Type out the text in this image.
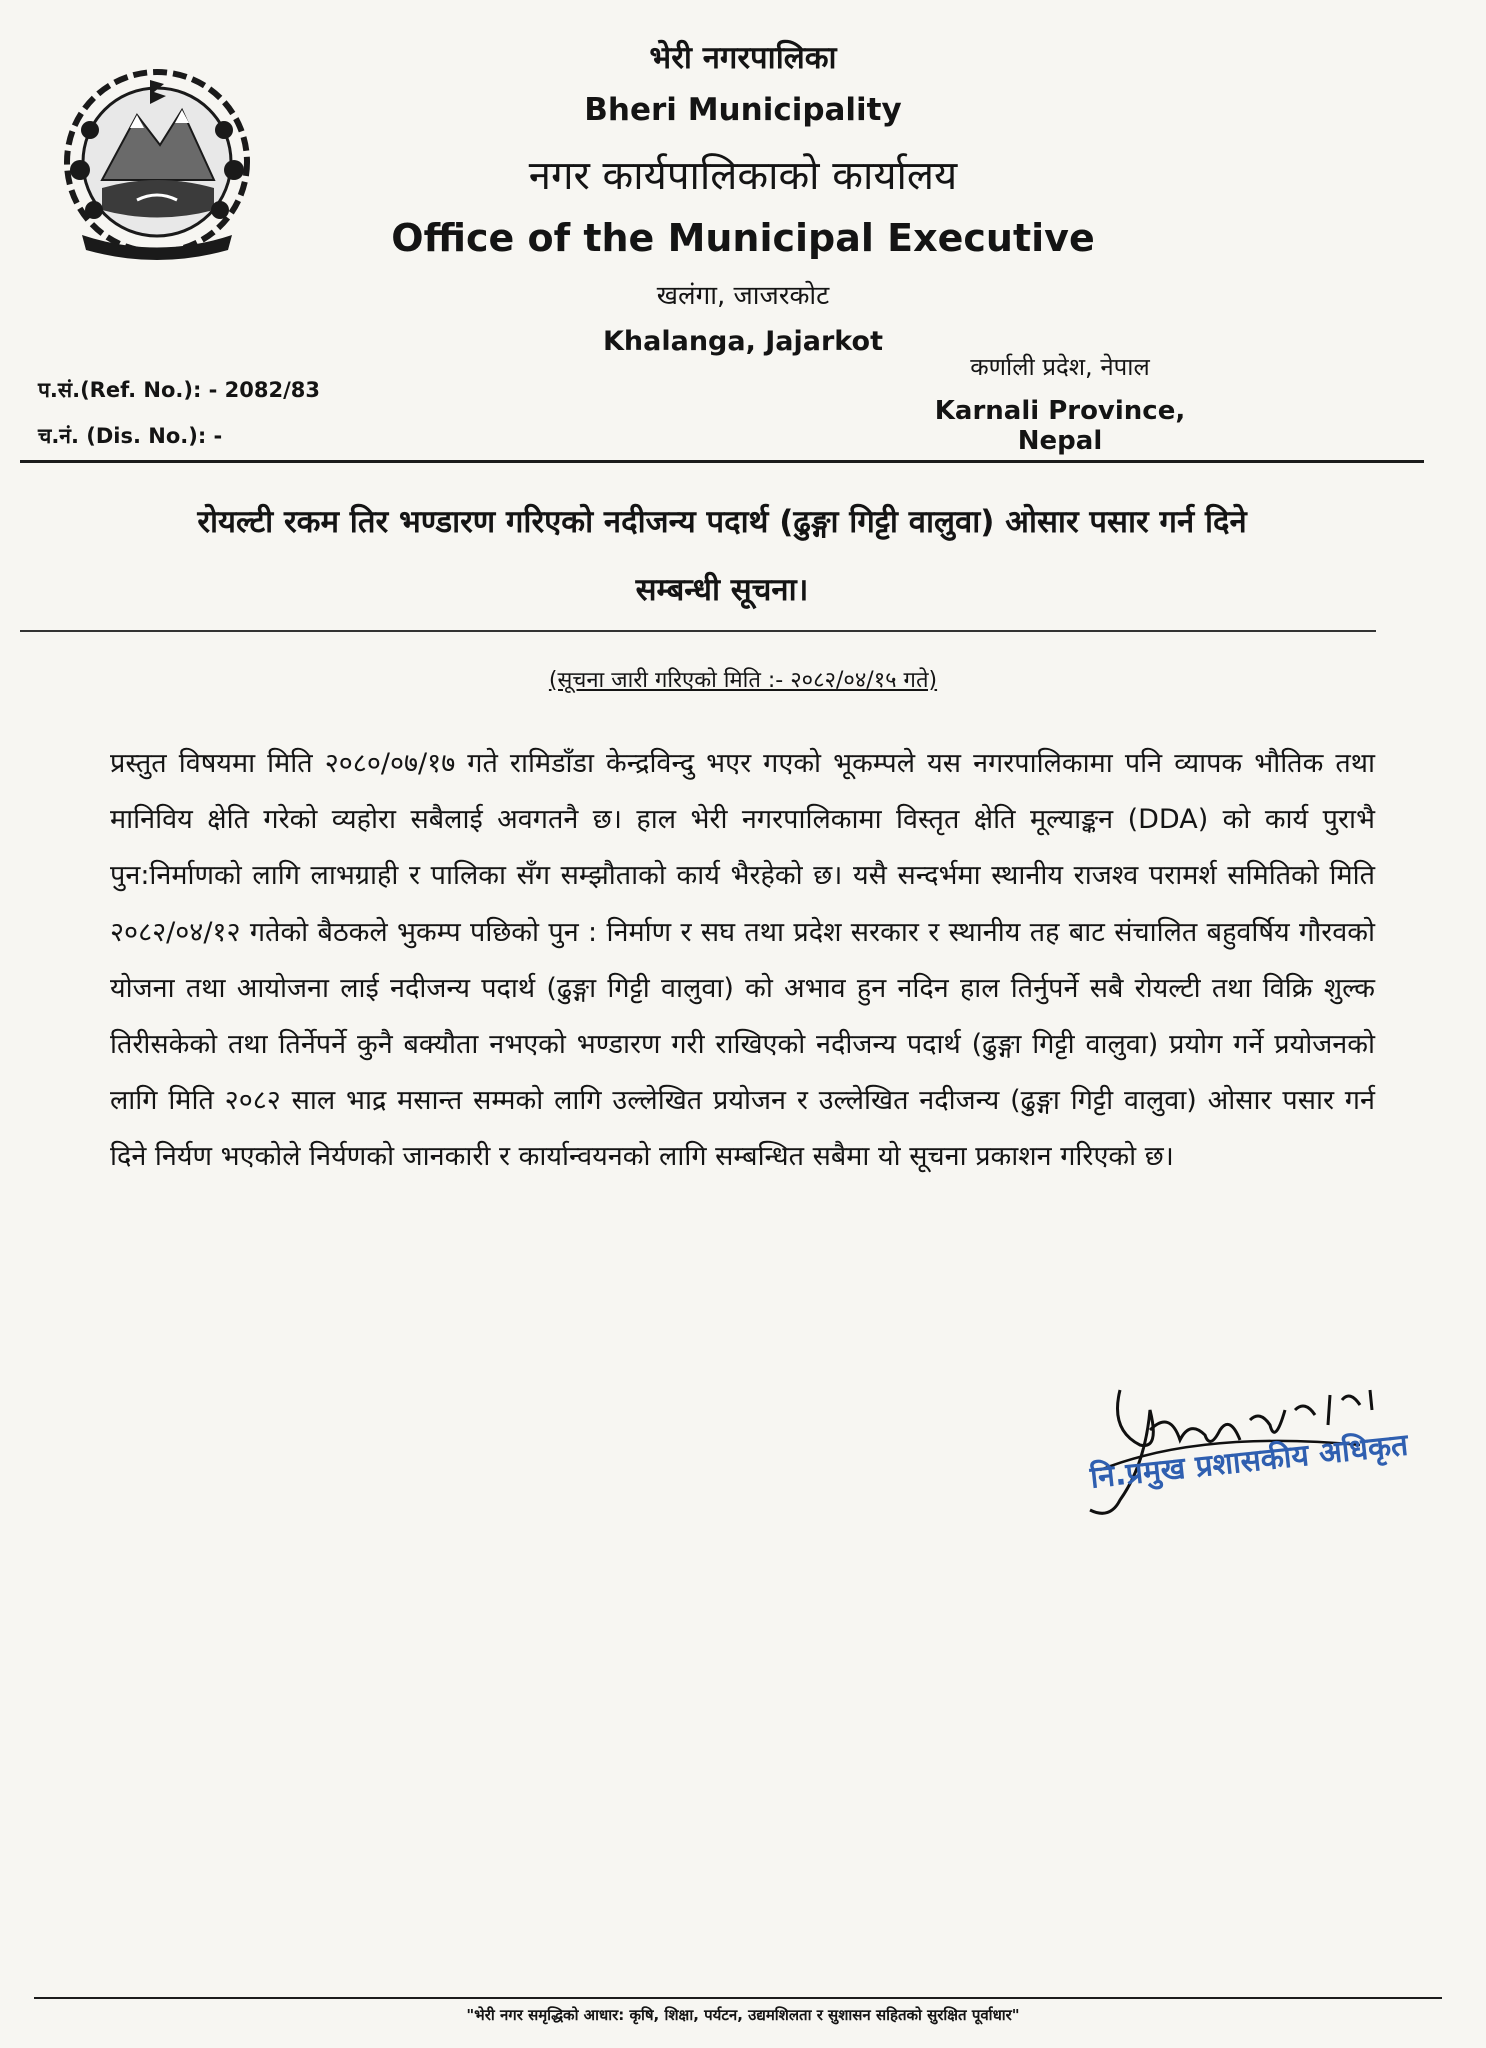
भेरी नगरपालिका
Bheri Municipality
नगर कार्यपालिकाको कार्यालय
Office of the Municipal Executive
खलंगा, जाजरकोट
Khalanga, Jajarkot
कर्णाली प्रदेश, नेपाल
Karnali Province, Nepal
प.सं.(Ref. No.): - 2082/83
च.नं. (Dis. No.): -
रोयल्टी रकम तिर भण्डारण गरिएको नदीजन्य पदार्थ (ढुङ्गा गिट्टी वालुवा) ओसार पसार गर्न दिने
सम्बन्धी सूचना।
(सूचना जारी गरिएको मिति :- २०८२/०४/१५ गते)
प्रस्तुत विषयमा मिति २०८०/०७/१७ गते रामिडाँडा केन्द्रविन्दु भएर गएको भूकम्पले यस नगरपालिकामा पनि व्यापक भौतिक तथा मानिविय क्षेति गरेको व्यहोरा सबैलाई अवगतनै छ। हाल भेरी नगरपालिकामा विस्तृत क्षेति मूल्याङ्कन (DDA) को कार्य पुराभै पुन:निर्माणको लागि लाभग्राही र पालिका सँग सम्झौताको कार्य भैरहेको छ। यसै सन्दर्भमा स्थानीय राजश्व परामर्श समितिको मिति २०८२/०४/१२ गतेको बैठकले भुकम्प पछिको पुन : निर्माण र सघ तथा प्रदेश सरकार र स्थानीय तह बाट संचालित बहुवर्षिय गौरवको योजना तथा आयोजना लाई नदीजन्य पदार्थ (ढुङ्गा गिट्टी वालुवा) को अभाव हुन नदिन हाल तिर्नुपर्ने सबै रोयल्टी तथा विक्रि शुल्क तिरीसकेको तथा तिर्नेपर्ने कुनै बक्यौता नभएको भण्डारण गरी राखिएको नदीजन्य पदार्थ (ढुङ्गा गिट्टी वालुवा) प्रयोग गर्ने प्रयोजनको लागि मिति २०८२ साल भाद्र मसान्त सम्मको लागि उल्लेखित प्रयोजन र उल्लेखित नदीजन्य (ढुङ्गा गिट्टी वालुवा) ओसार पसार गर्न दिने निर्यण भएकोले निर्यणको जानकारी र कार्यान्वयनको लागि सम्बन्धित सबैमा यो सूचना प्रकाशन गरिएको छ।
नि.प्रमुख प्रशासकीय अधिकृत
"भेरी नगर समृद्धिको आधार: कृषि, शिक्षा, पर्यटन, उद्यमशिलता र सुशासन सहितको सुरक्षित पूर्वाधार"
